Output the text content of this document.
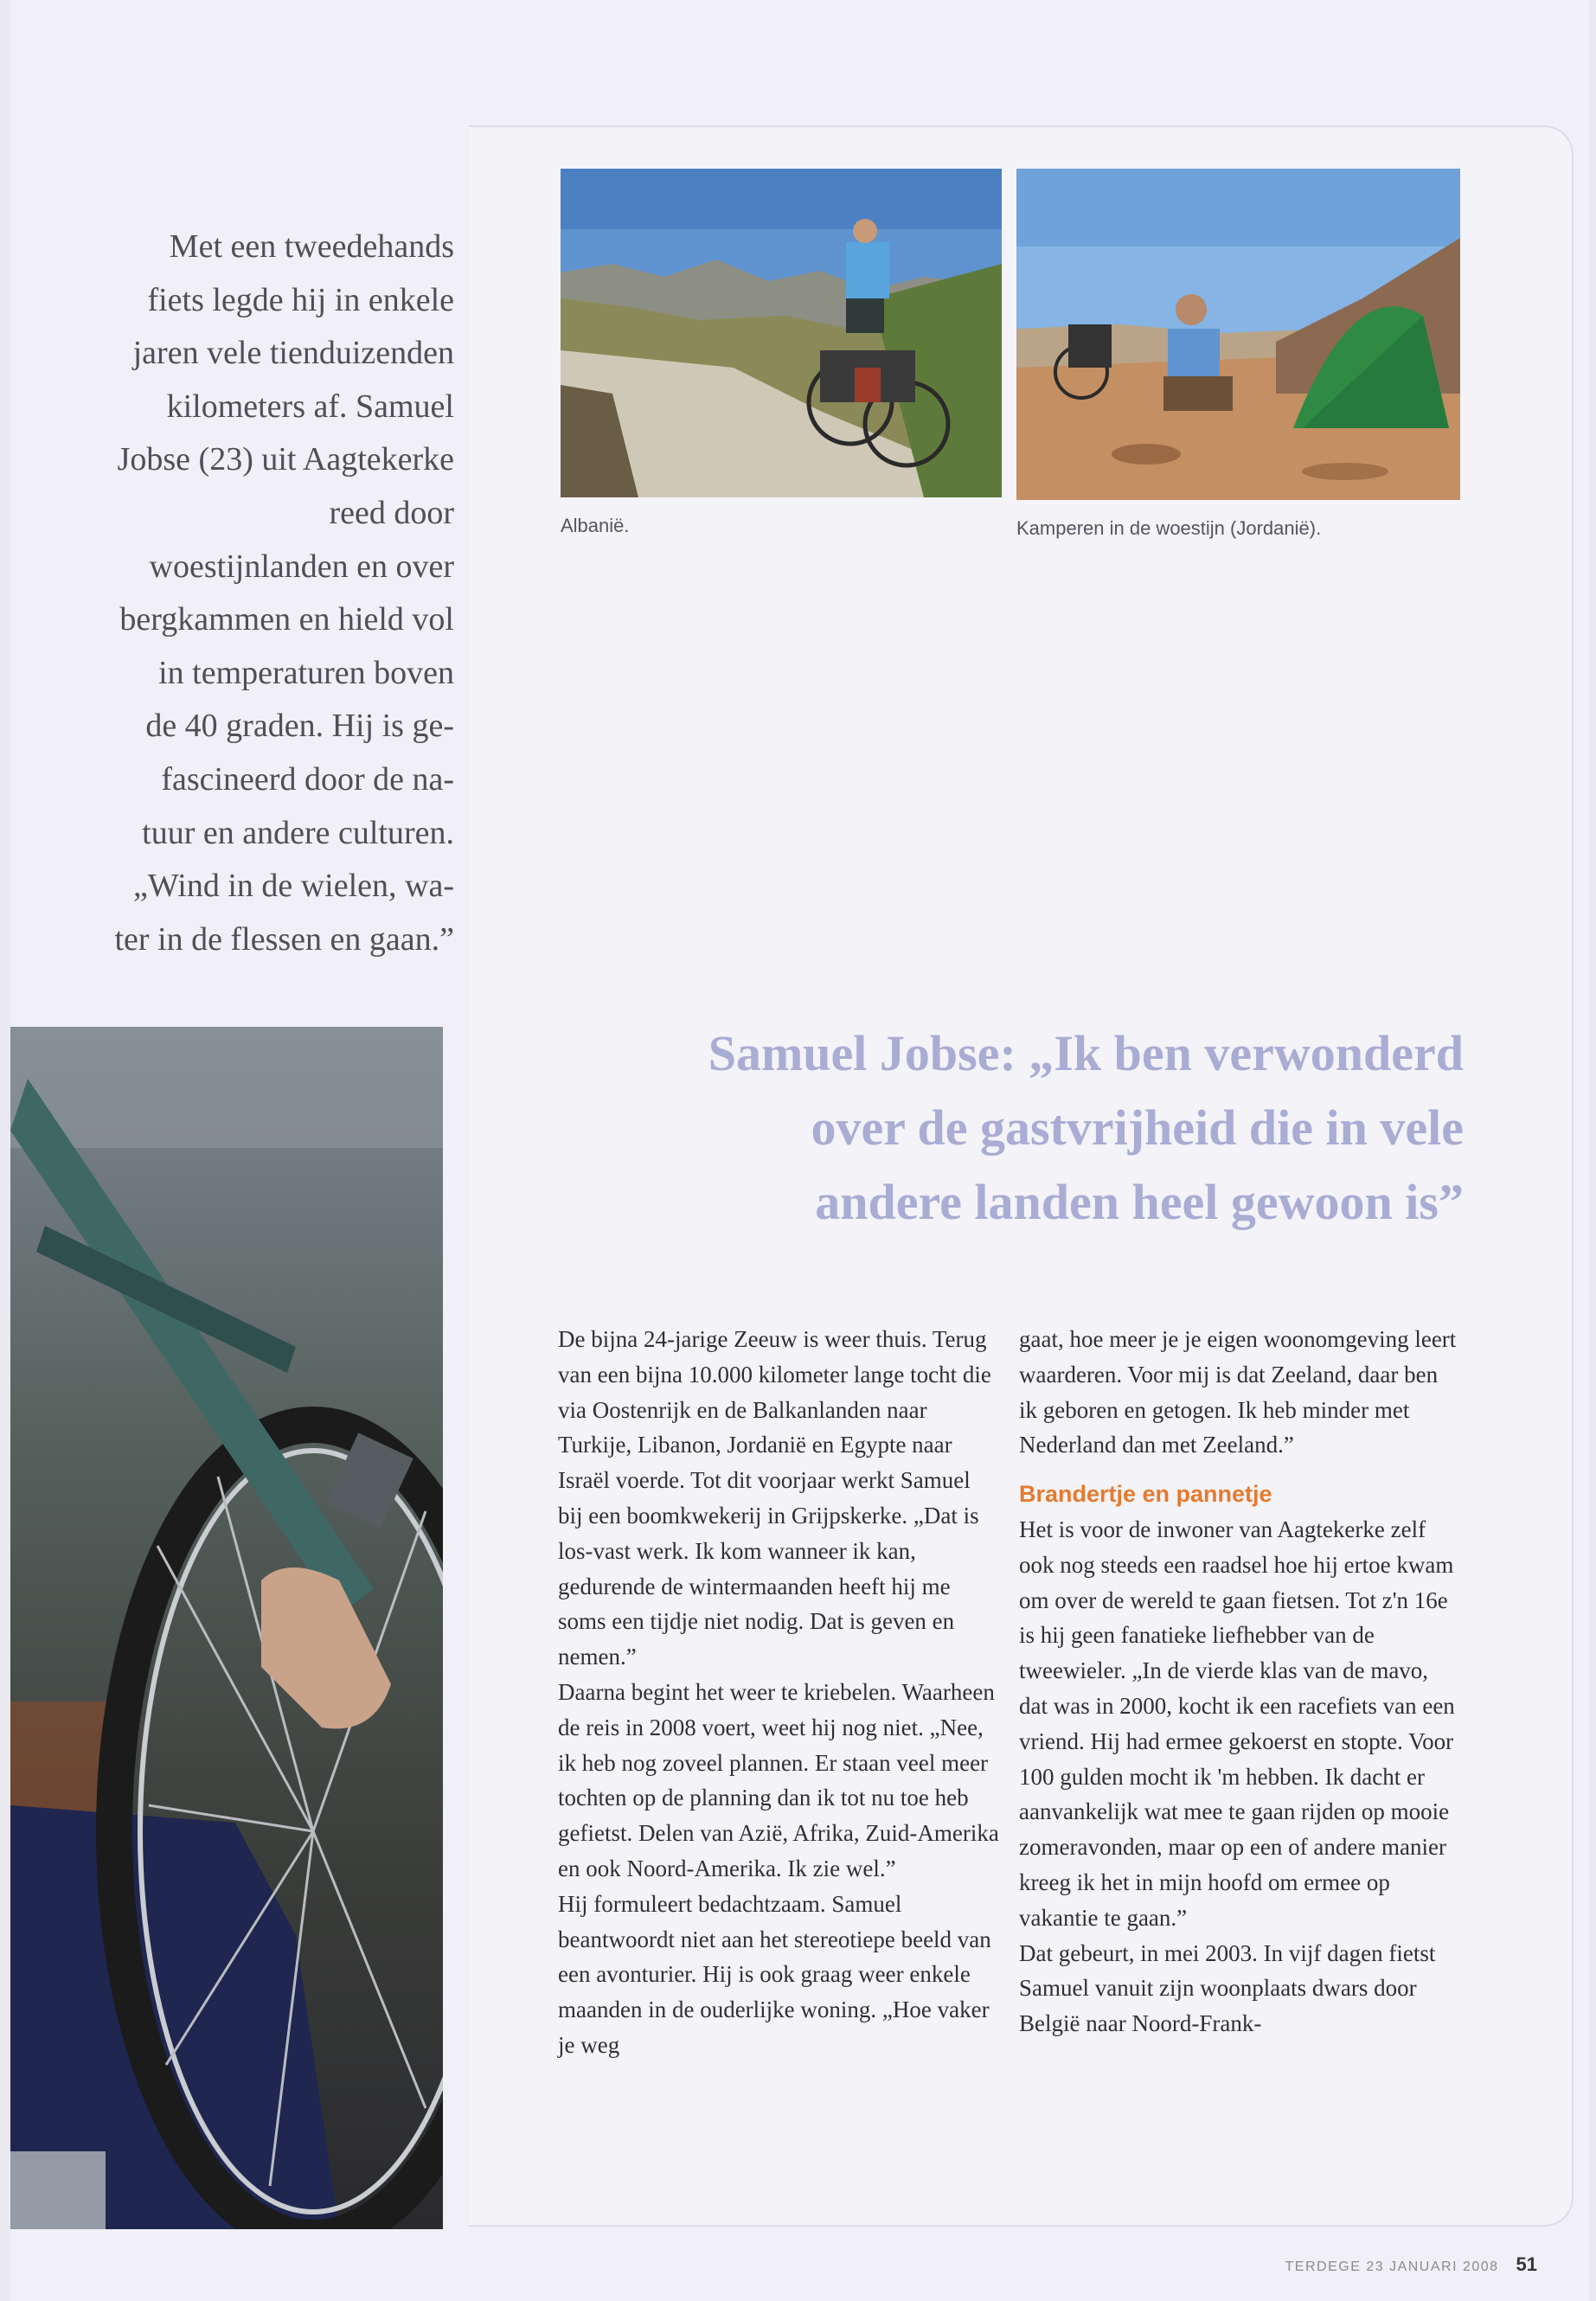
Met een tweedehands
fiets legde hij in enkele
jaren vele tienduizenden
kilometers af. Samuel
Jobse (23) uit Aagtekerke
reed door
woestijnlanden en over
bergkammen en hield vol
in temperaturen boven
de 40 graden. Hij is ge-
fascineerd door de na-
tuur en andere culturen.
„Wind in de wielen, wa-
ter in de flessen en gaan.”
Albanië.	Kamperen in de woestijn (Jordanië).
Samuel Jobse: „Ik ben verwonderd
over de gastvrijheid die in vele
andere landen heel gewoon is”

De bijna 24-jarige Zeeuw is weer thuis. Terug van een bijna 10.000 kilometer lange tocht die via Oostenrijk en de Balkanlanden naar Turkije, Libanon, Jordanië en Egypte naar Israël voerde. Tot dit voorjaar werkt Samuel bij een boomkwekerij in Grijpskerke. „Dat is los-vast werk. Ik kom wanneer ik kan, gedurende de wintermaanden heeft hij me soms een tijdje niet nodig. Dat is geven en nemen.”

Daarna begint het weer te kriebelen. Waarheen de reis in 2008 voert, weet hij nog niet. „Nee, ik heb nog zoveel plannen. Er staan veel meer tochten op de planning dan ik tot nu toe heb gefietst. Delen van Azië, Afrika, Zuid-Amerika en ook Noord-Amerika. Ik zie wel.”

Hij formuleert bedachtzaam. Samuel beantwoordt niet aan het stereotiepe beeld van een avonturier. Hij is ook graag weer enkele maanden in de ouderlijke woning. „Hoe vaker je weg

gaat, hoe meer je je eigen woonomgeving leert waarderen. Voor mij is dat Zeeland, daar ben ik geboren en getogen. Ik heb minder met Nederland dan met Zeeland.”

Brandertje en pannetje

Het is voor de inwoner van Aagtekerke zelf ook nog steeds een raadsel hoe hij ertoe kwam om over de wereld te gaan fietsen. Tot z'n 16e is hij geen fanatieke liefhebber van de tweewieler. „In de vierde klas van de mavo, dat was in 2000, kocht ik een racefiets van een vriend. Hij had ermee gekoerst en stopte. Voor 100 gulden mocht ik 'm hebben. Ik dacht er aanvankelijk wat mee te gaan rijden op mooie zomeravonden, maar op een of andere manier kreeg ik het in mijn hoofd om ermee op vakantie te gaan.”

Dat gebeurt, in mei 2003. In vijf dagen fietst Samuel vanuit zijn woonplaats dwars door België naar Noord-Frank-

TERDEGE 23 JANUARI 2008 51
